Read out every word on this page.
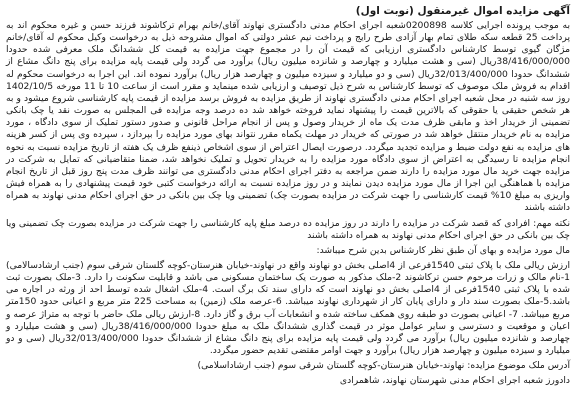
آگهی مزایده اموال غیرمنقول (نوبت اول)

به موجب پرونده اجرایی کلاسه 0200898شعبه اجرای احکام مدنی دادگستری نهاوند آقای/خانم بهرام ترکاشوند فرزند حسن و غیره محکوم اند به پرداخت 25 قطعه سکه طلای تمام بهار آزادی طرح رایج و پرداخت نیم عشر دولتی که اموال مشروحه ذیل به درخواست وکیل محکوم له آقای/خانم مژگان گیوی توسط کارشناس دادگستری ارزیابی که قیمت آن را در مجموع جهت مزایده به قیمت کل ششدانگ ملک معرفی شده حدودا 38/416/000/000ریال (سی و هشت میلیارد و چهارصد و شانزده میلیون ریال) برآورد می گردد ولی قیمت پایه مزایده برای پنج دانگ مشاع از ششدانگ حدودا 32/013/400/000ریال (سی و دو میلیارد و سیزده میلیون و چهارصد هزار ریال) برآورد نموده اند. این اجرا به درخواست محکوم له اقدام به فروش ملک موصوف که توسط کارشناس به شرح ذیل توصیف و ارزیابی شده مینماید و مقرر است از ساعت 10 تا 11 مورخه 1402/10/5 روز سه شنبه در محل شعبه اجرای احکام مدنی دادگستری نهاوند از طریق مزایده به فروش برسد مزایده از قیمت پایه کارشناسی شروع میشود و به هر شخص حقیقی یا حقوقی که بالاترین قیمت را پیشنهاد نماید فروخته خواهد شد ده درصد وجه مزایده فی المجلس به صورت نقد یا چک بانکی تضمینی از خریدار اخذ و مابقی ظرف مدت یک ماه از خریدار وصول و پس از انجام مراحل قانونی و صدور دستور تملیک از سوی دادگاه ، مورد مزایده به نام خریدار منتقل خواهد شد در صورتی که خریدار در مهلت یکماه مقرر نتواند بهای مورد مزایده را بپردازد ، سپرده وی پس از کسر هزینه های مزایده به نفع دولت ضبط و مزایده تجدید میگردد. درصورت ایصال اعتراض از سوی اشخاص ذینفع ظرف یک هفته از تاریخ مزایده نسبت به نحوه انجام مزایده تا رسیدگی به اعتراض از سوی دادگاه مورد مزایده را به خریدار تحویل و تملیک نخواهد شد، ضمنا متقاضیانی که تمایل به شرکت در مزایده جهت خرید مال مورد مزایده را دارند ضمن مراجعه به دفتر اجرای احکام مدنی دادگستری می توانند ظرف مدت پنج روز قبل از تاریخ انجام مزایده با هماهنگی این اجرا از مال مورد مزایده دیدن نمایند و در روز مزایده نسبت به ارائه درخواست کتبی خود قیمت پیشنهادی را به همراه فیش واریزی به مبلغ 10% قیمت کارشناسی را جهت شرکت در مزایده بصورت چک) تضمینی ویا چک بین بانکی در حق اجرای احکام مدنی نهاوند به همراه داشته باشند

نکته مهم: افرادی که قصد شرکت در مزایده را دارند در روز مزایده ده درصد مبلغ پایه کارشناسی را جهت شرکت در مزایده بصورت چک تضمینی ویا چک بین بانکی در حق اجرای احکام مدنی نهاوند به همراه داشته باشند

مال مورد مزایده و بهای آن طبق نظر کارشناس بدین شرح میباشد:

ارزش ریالی ملک با پلاک ثبتی 1540فرعی از 4اصلی بخش دو نهاوند واقع در نهاوند-خیابان هنرستان-کوچه گلستان شرقی سوم (جنب ارشادسالامی) 1-نام مالک و زرات مرحوم حسن ترکاشوند 2-ملک مذکور به صورت یک ساختمان مسکونی می باشد و قابلیت سکونت را دارد. 3-ملک بصورت ثبت شده با پلاک ثبتی 1540فرعی از 4اصلی بخش دو نهاوند است که دارای سند تک برگ است. 4-ملک اشغال شده توسط احد از ورثه در اجاره می باشد.5-ملک بصورت سند دار و دارای پایان کار از شهرداری نهاوند میباشد. 6-عرصه ملک (زمین) به مساحت 225 متر مربع و اعیانی حدود 150متر مربع میباشد. 7- اعیانی بصورت دو طبقه روی همکف ساخته شده و انشعابات آب برق و گاز دارد. 8-ارزش ریالی ملک حاضر با توجه به متراژ عرصه و اعیان و موقعیت و دسترسی و سایر عوامل موثر در قیمت گذاری ششدانگ ملک به مبلغ حدودا 38/416/000/000ریال (سی و هشت میلیارد و چهارصد و شانزده میلیون ریال) برآورد می گردد ولی قیمت پایه مزایده برای پنج دانگ مشاع از ششدانگ حدودا 32/013/400/000ریال (سی و دو میلیارد و سیزده میلیون و چهارصد هزار ریال) برآورد و جهت اوامر مقتضی تقدیم حضور میگردد.

آدرس ملک موضوع مزایده: نهاوند-خیابان هنرستان-کوچه گلستان شرقی سوم (جنب ارشاداسلامی)

دادورز شعبه اجرای احکام مدنی شهرستان نهاوند، شاهمرادی
